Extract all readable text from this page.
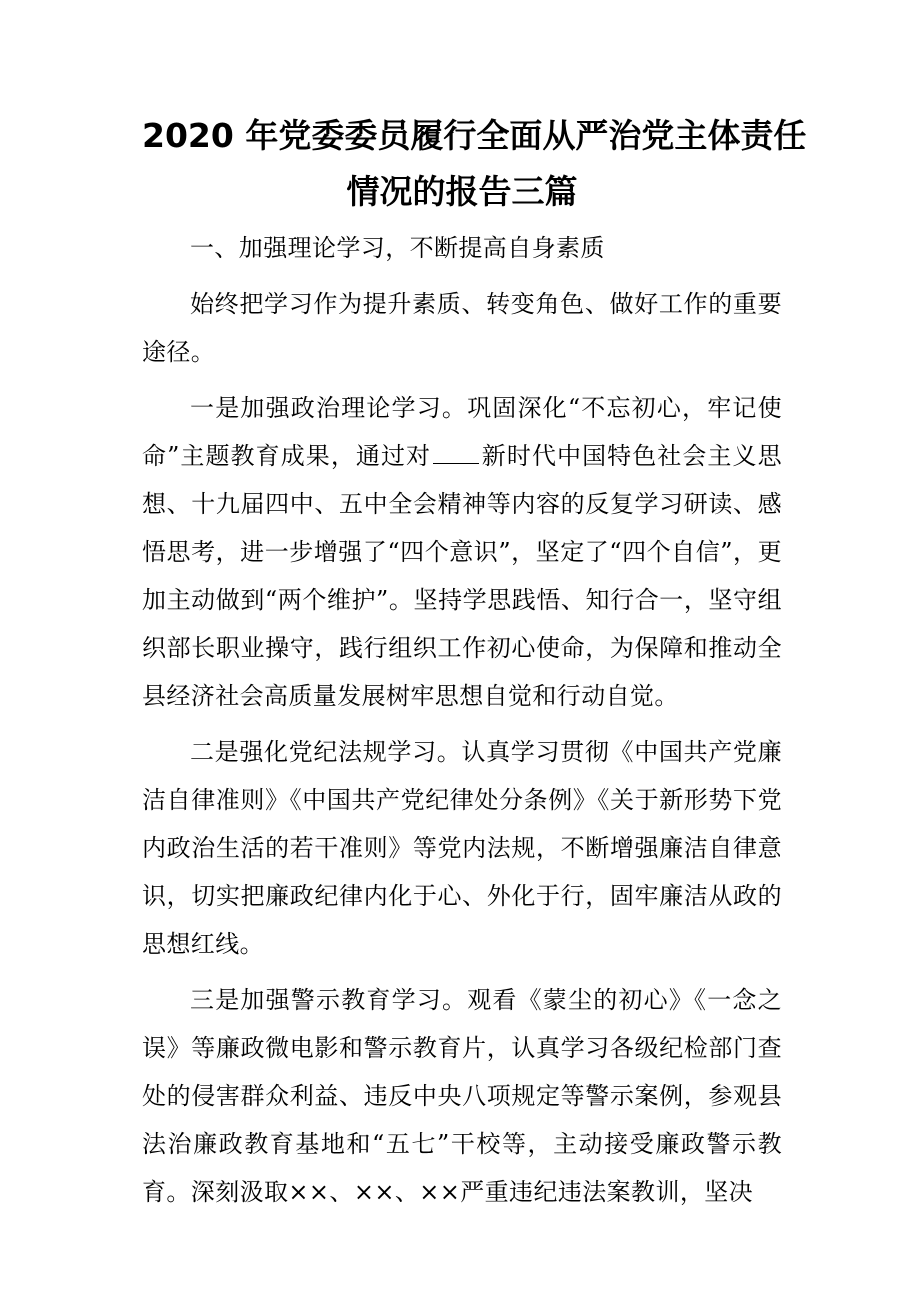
2020 年党委委员履行全面从严治党主体责任
情况的报告三篇

一、加强理论学习，不断提高自身素质

始终把学习作为提升素质、转变角色、做好工作的重要途径。

一是加强政治理论学习。巩固深化“不忘初心，牢记使命”主题教育成果，通过对 新时代中国特色社会主义思想、十九届四中、五中全会精神等内容的反复学习研读、感悟思考，进一步增强了“四个意识”，坚定了“四个自信”，更加主动做到“两个维护”。坚持学思践悟、知行合一，坚守组织部长职业操守，践行组织工作初心使命，为保障和推动全县经济社会高质量发展树牢思想自觉和行动自觉。

二是强化党纪法规学习。认真学习贯彻《中国共产党廉洁自律准则》《中国共产党纪律处分条例》《关于新形势下党内政治生活的若干准则》等党内法规，不断增强廉洁自律意识，切实把廉政纪律内化于心、外化于行，固牢廉洁从政的思想红线。

三是加强警示教育学习。观看《蒙尘的初心》《一念之误》等廉政微电影和警示教育片，认真学习各级纪检部门查处的侵害群众利益、违反中央八项规定等警示案例，参观县法治廉政教育基地和“五七”干校等，主动接受廉政警示教育。深刻汲取××、××、××严重违纪违法案教训，坚决
